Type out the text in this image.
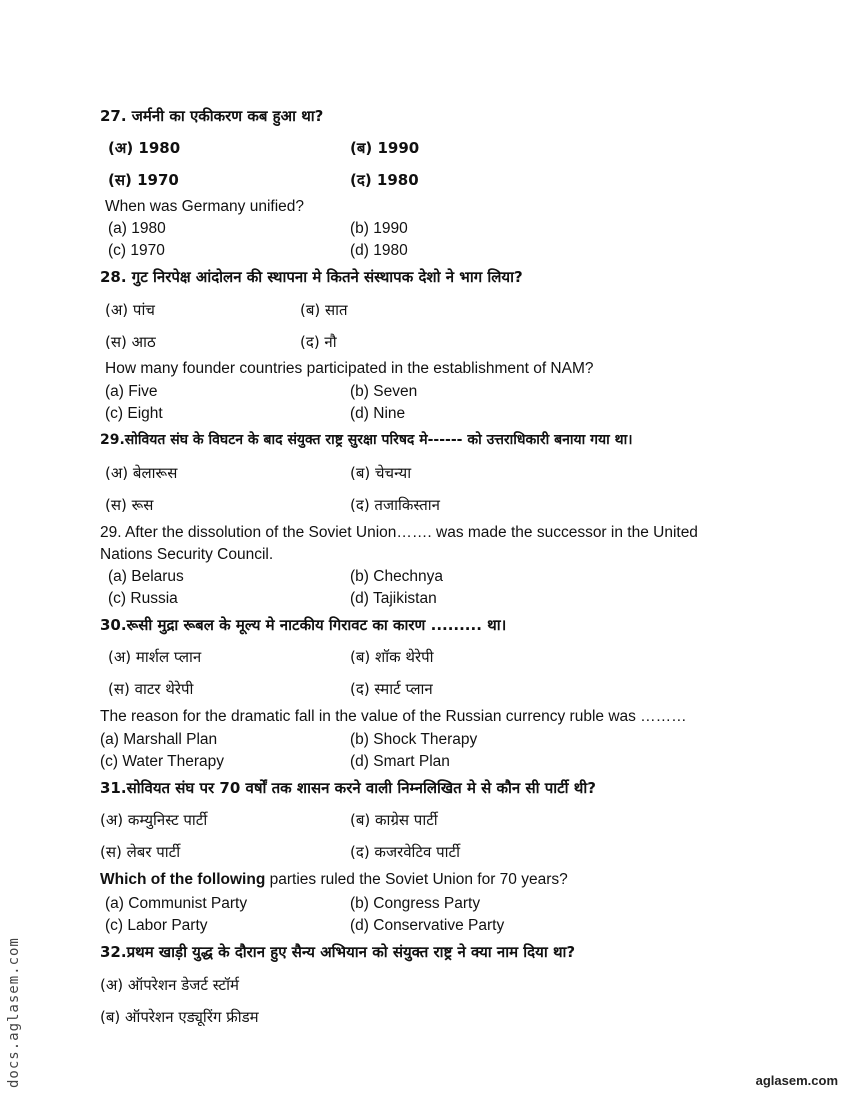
27. जर्मनी का एकीकरण कब हुआ था?
(अ) 1980	(ब) 1990
(स) 1970	(द) 1980
When was Germany unified?
(a) 1980	(b) 1990
(c) 1970	(d) 1980
28. गुट निरपेक्ष आंदोलन की स्थापना मे कितने संस्थापक देशो ने भाग लिया?
(अ) पांच	(ब) सात
(स) आठ	(द) नौ
How many founder countries participated in the establishment of NAM?
(a) Five	(b) Seven
(c) Eight	(d) Nine
29.सोवियत संघ के विघटन के बाद संयुक्त राष्ट्र सुरक्षा परिषद मे------ को उत्तराधिकारी बनाया गया था।
(अ) बेलारूस	(ब) चेचन्या
(स) रूस	(द) तजाकिस्तान
29. After the dissolution of the Soviet Union……. was made the successor in the United
Nations Security Council.
(a) Belarus	(b) Chechnya
(c) Russia	(d) Tajikistan
30.रूसी मुद्रा रूबल के मूल्य मे नाटकीय गिरावट का कारण ......... था।
(अ) मार्शल प्लान	(ब) शॉक थेरेपी
(स) वाटर थेरेपी	(द) स्मार्ट प्लान
The reason for the dramatic fall in the value of the Russian currency ruble was ………
(a) Marshall Plan	(b) Shock Therapy
(c) Water Therapy	(d) Smart Plan
31.सोवियत संघ पर 70 वर्षों तक शासन करने वाली निम्नलिखित मे से कौन सी पार्टी थी?
(अ) कम्युनिस्ट पार्टी	(ब) काग्रेस पार्टी
(स) लेबर पार्टी	(द) कजरवेटिव पार्टी
Which of the following parties ruled the Soviet Union for 70 years?
(a) Communist Party	(b) Congress Party
(c) Labor Party	(d) Conservative Party
32.प्रथम खाड़ी युद्ध के दौरान हुए सैन्य अभियान को संयुक्त राष्ट्र ने क्या नाम दिया था?
(अ) ऑपरेशन डेजर्ट स्टॉर्म
(ब) ऑपरेशन एड्यूरिंग फ्रीडम
docs.aglasem.com	aglasem.com
